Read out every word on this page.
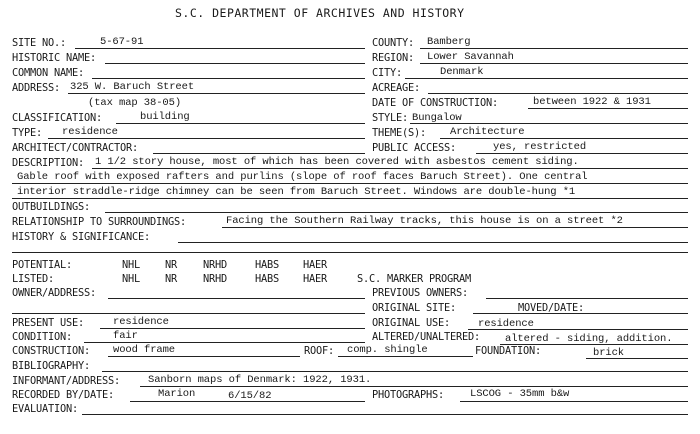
S.C. DEPARTMENT OF ARCHIVES AND HISTORY
SITE NO.:	5-67-91
HISTORIC NAME:
COMMON NAME:
ADDRESS: 325 W. Baruch Street
(tax map 38-05)
CLASSIFICATION:	building
TYPE: residence
ARCHITECT/CONTRACTOR:
COUNTY: Bamberg
REGION: Lower Savannah
CITY:	Denmark
ACREAGE:
DATE OF CONSTRUCTION:	between 1922 & 1931
STYLE: Bungalow
THEME(S): Architecture
PUBLIC ACCESS:	yes, restricted
DESCRIPTION: 1 1/2 story house, most of which has been covered with asbestos cement siding.
Gable roof with exposed rafters and purlins (slope of roof faces Baruch Street). One central
interior straddle-ridge chimney can be seen from Baruch Street. Windows are double-hung *1
OUTBUILDINGS:
RELATIONSHIP TO SURROUNDINGS:	Facing the Southern Railway tracks, this house is on a street *2
HISTORY & SIGNIFICANCE:
POTENTIAL:	NHL NR	NRHD	HABS HAER
LISTED:	NHL NR	NRHD	HABS HAER	S.C. MARKER PROGRAM
OWNER/ADDRESS:	PREVIOUS OWNERS:
ORIGINAL SITE:	MOVED/DATE:
PRESENT USE:	residence	ORIGINAL USE:	residence
CONDITION:	fair	ALTERED/UNALTERED: altered - siding, addition.
CONSTRUCTION: wood frame	ROOF: comp. shingle	FOUNDATION:	brick
BIBLIOGRAPHY:
INFORMANT/ADDRESS:	Sanborn maps of Denmark: 1922, 1931.
RECORDED BY/DATE:	Marion	6/15/82	PHOTOGRAPHS: LSCOG - 35mm b&w
EVALUATION:
